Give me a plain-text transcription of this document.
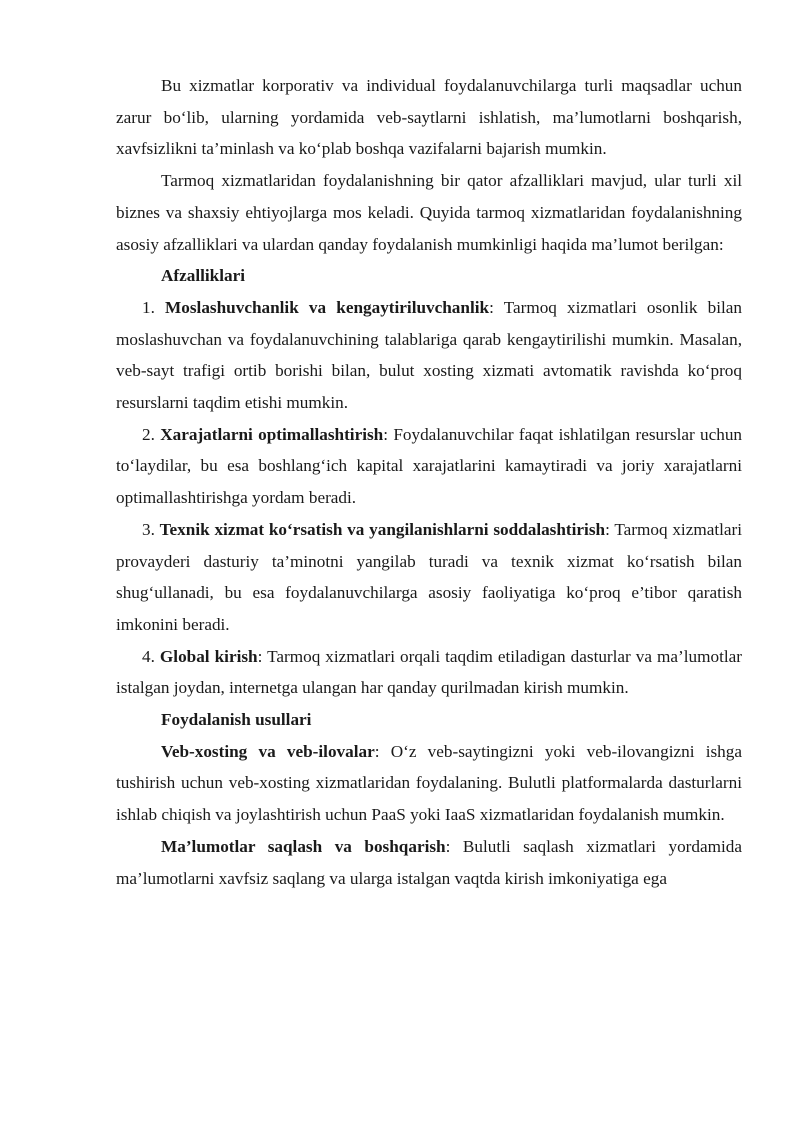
Bu xizmatlar korporativ va individual foydalanuvchilarga turli maqsadlar uchun zarur bo‘lib, ularning yordamida veb-saytlarni ishlatish, ma’lumotlarni boshqarish, xavfsizlikni ta’minlash va ko‘plab boshqa vazifalarni bajarish mumkin.

Tarmoq xizmatlaridan foydalanishning bir qator afzalliklari mavjud, ular turli xil biznes va shaxsiy ehtiyojlarga mos keladi. Quyida tarmoq xizmatlaridan foydalanishning asosiy afzalliklari va ulardan qanday foydalanish mumkinligi haqida ma’lumot berilgan:

Afzalliklari

1. Moslashuvchanlik va kengaytiriluvchanlik: Tarmoq xizmatlari osonlik bilan moslashuvchan va foydalanuvchining talablariga qarab kengaytirilishi mumkin. Masalan, veb-sayt trafigi ortib borishi bilan, bulut xosting xizmati avtomatik ravishda ko‘proq resurslarni taqdim etishi mumkin.

2. Xarajatlarni optimallashtirish: Foydalanuvchilar faqat ishlatilgan resurslar uchun to‘laydilar, bu esa boshlang‘ich kapital xarajatlarini kamaytiradi va joriy xarajatlarni optimallashtirishga yordam beradi.

3. Texnik xizmat ko‘rsatish va yangilanishlarni soddalashtirish: Tarmoq xizmatlari provayderi dasturiy ta’minotni yangilab turadi va texnik xizmat ko‘rsatish bilan shug‘ullanadi, bu esa foydalanuvchilarga asosiy faoliyatiga ko‘proq e’tibor qaratish imkonini beradi.

4. Global kirish: Tarmoq xizmatlari orqali taqdim etiladigan dasturlar va ma’lumotlar istalgan joydan, internetga ulangan har qanday qurilmadan kirish mumkin.

Foydalanish usullari

Veb-xosting va veb-ilovalar: O‘z veb-saytingizni yoki veb-ilovangizni ishga tushirish uchun veb-xosting xizmatlaridan foydalaning. Bulutli platformalarda dasturlarni ishlab chiqish va joylashtirish uchun PaaS yoki IaaS xizmatlaridan foydalanish mumkin.

Ma’lumotlar saqlash va boshqarish: Bulutli saqlash xizmatlari yordamida ma’lumotlarni xavfsiz saqlang va ularga istalgan vaqtda kirish imkoniyatiga ega
